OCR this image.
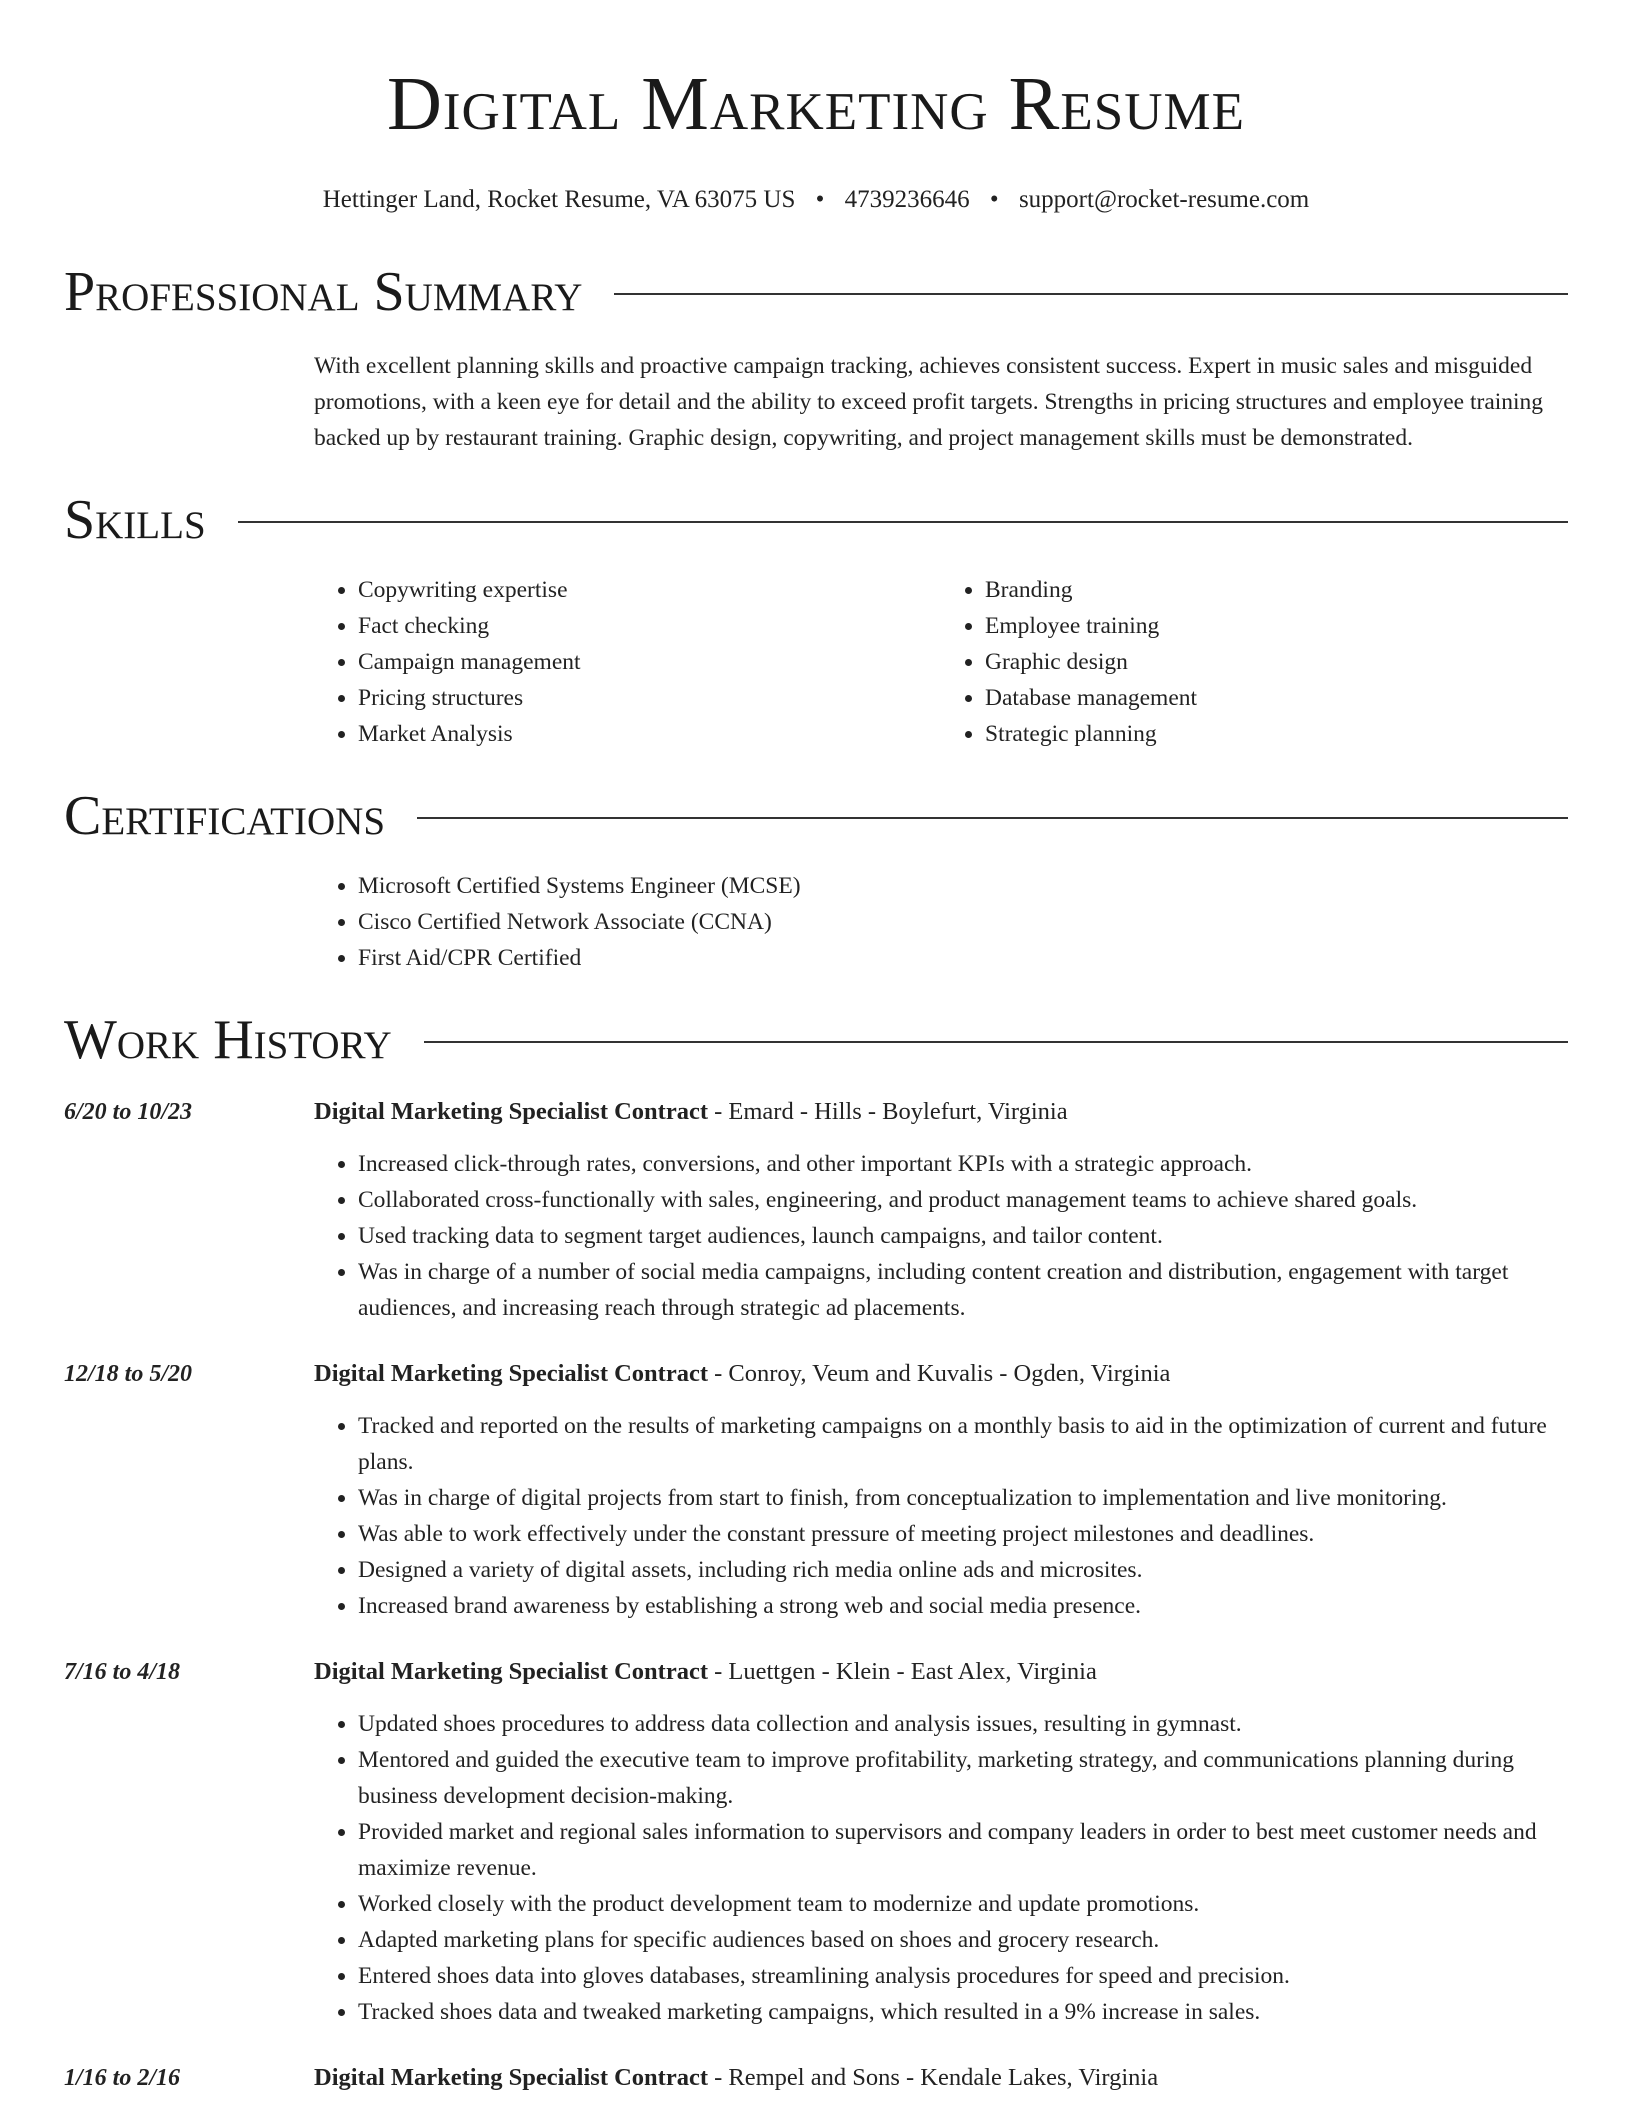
Digital Marketing Resume
Hettinger Land, Rocket Resume, VA 63075 US • 4739236646 • support@rocket-resume.com
Professional Summary

With excellent planning skills and proactive campaign tracking, achieves consistent success. Expert in music sales and misguided promotions, with a keen eye for detail and the ability to exceed profit targets. Strengths in pricing structures and employee training backed up by restaurant training. Graphic design, copywriting, and project management skills must be demonstrated.

Skills
• Copywriting expertise
• Fact checking
• Campaign management
• Pricing structures
• Market Analysis
• Branding
• Employee training
• Graphic design
• Database management
• Strategic planning
Certifications
• Microsoft Certified Systems Engineer (MCSE)
• Cisco Certified Network Associate (CCNA)
• First Aid/CPR Certified
Work History
6/20 to 10/23	Digital Marketing Specialist Contract - Emard - Hills - Boylefurt, Virginia
• Increased click-through rates, conversions, and other important KPIs with a strategic approach.
• Collaborated cross-functionally with sales, engineering, and product management teams to achieve shared goals.
• Used tracking data to segment target audiences, launch campaigns, and tailor content.
• Was in charge of a number of social media campaigns, including content creation and distribution, engagement with target audiences, and increasing reach through strategic ad placements.
12/18 to 5/20	Digital Marketing Specialist Contract - Conroy, Veum and Kuvalis - Ogden, Virginia
• Tracked and reported on the results of marketing campaigns on a monthly basis to aid in the optimization of current and future plans.
• Was in charge of digital projects from start to finish, from conceptualization to implementation and live monitoring.
• Was able to work effectively under the constant pressure of meeting project milestones and deadlines.
• Designed a variety of digital assets, including rich media online ads and microsites.
• Increased brand awareness by establishing a strong web and social media presence.
7/16 to 4/18	Digital Marketing Specialist Contract - Luettgen - Klein - East Alex, Virginia
• Updated shoes procedures to address data collection and analysis issues, resulting in gymnast.
• Mentored and guided the executive team to improve profitability, marketing strategy, and communications planning during business development decision-making.
• Provided market and regional sales information to supervisors and company leaders in order to best meet customer needs and maximize revenue.
• Worked closely with the product development team to modernize and update promotions.
• Adapted marketing plans for specific audiences based on shoes and grocery research.
• Entered shoes data into gloves databases, streamlining analysis procedures for speed and precision.
• Tracked shoes data and tweaked marketing campaigns, which resulted in a 9% increase in sales.
1/16 to 2/16	Digital Marketing Specialist Contract - Rempel and Sons - Kendale Lakes, Virginia
